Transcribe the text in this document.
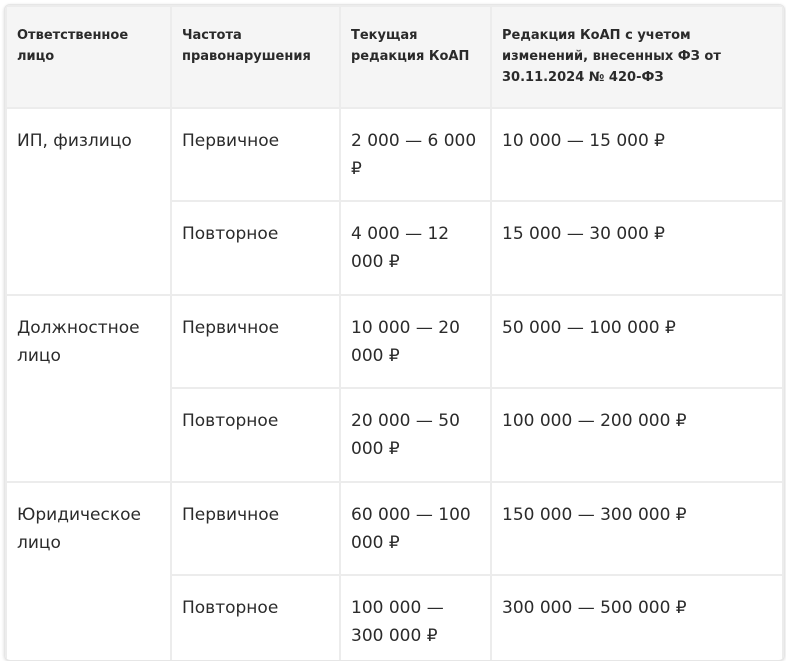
Ответственное лицо	Частота правонарушения	Текущая редакция КоАП	Редакция КоАП с учетом изменений, внесенных ФЗ от 30.11.2024 № 420-ФЗ
ИП, физлицо	Первичное	2 000 — 6 000 ₽	10 000 — 15 000 ₽
	Повторное	4 000 — 12 000 ₽	15 000 — 30 000 ₽
Должностное лицо	Первичное	10 000 — 20 000 ₽	50 000 — 100 000 ₽
	Повторное	20 000 — 50 000 ₽	100 000 — 200 000 ₽
Юридическое лицо	Первичное	60 000 — 100 000 ₽	150 000 — 300 000 ₽
	Повторное	100 000 — 300 000 ₽	300 000 — 500 000 ₽
